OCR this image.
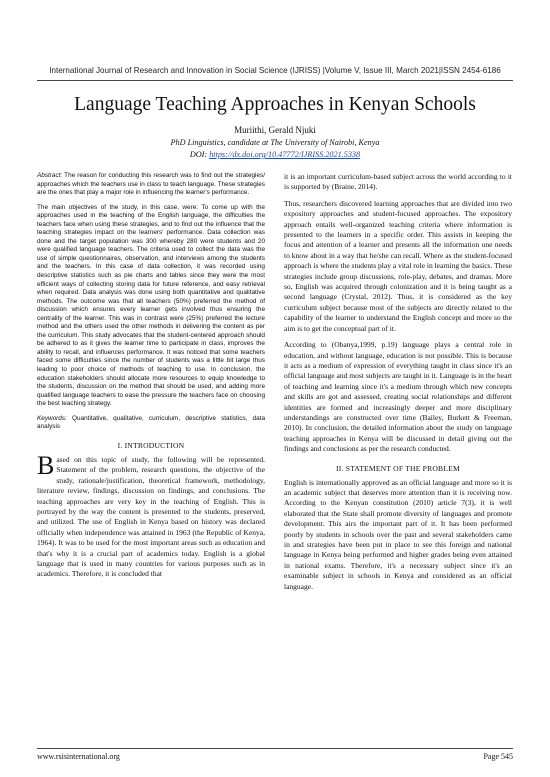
International Journal of Research and Innovation in Social Science (IJRISS) |Volume V, Issue III, March 2021|ISSN 2454-6186
Language Teaching Approaches in Kenyan Schools
Muriithi, Gerald Njuki
PhD Linguistics, candidate at The University of Nairobi, Kenya
DOI: https://dx.doi.org/10.47772/IJRISS.2021.5338

Abstract: The reason for conducting this research was to find out the strategies/ approaches which the teachers use in class to teach language. These strategies are the ones that play a major role in influencing the learner's performance.

The main objectives of the study, in this case, were: To come up with the approaches used in the teaching of the English language, the difficulties the teachers face when using these strategies, and to find out the influence that the teaching strategies impact on the learners' performance. Data collection was done and the target population was 300 whereby 280 were students and 20 were qualified language teachers. The criteria used to collect the data was the use of simple questionnaires, observation, and interviews among the students and the teachers. In this case of data collection, it was recorded using descriptive statistics such as pie charts and tables since they were the most efficient ways of collecting storing data for future reference, and easy retrieval when required. Data analysis was done using both quantitative and qualitative methods. The outcome was that all teachers (50%) preferred the method of discussion which ensures every learner gets involved thus ensuring the centrality of the learner. This was in contrast were (25%) preferred the lecture method and the others used the other methods in delivering the content as per the curriculum. This study advocates that the student-centered approach should be adhered to as it gives the learner time to participate in class, improves the ability to recall, and influences performance. It was noticed that some teachers faced some difficulties since the number of students was a little bit large thus leading to poor choice of methods of teaching to use. In conclusion, the education stakeholders should allocate more resources to equip knowledge to the students, discussion on the method that should be used, and adding more qualified language teachers to ease the pressure the teachers face on choosing the best teaching strategy.

Keywords: Quantitative, qualitative, curriculum, descriptive statistics, data analysis

I. INTRODUCTION

Based on this topic of study, the following will be represented. Statement of the problem, research questions, the objective of the study, rationale/justification, theoretical framework, methodology, literature review, findings, discussion on findings, and conclusions. The teaching approaches are very key in the teaching of English. This is portrayed by the way the content is presented to the students, preserved, and utilized. The use of English in Kenya based on history was declared officially when independence was attained in 1963 (the Republic of Kenya, 1964). It was to be used for the most important areas such as education and that's why it is a crucial part of academics today. English is a global language that is used in many countries for various purposes such as in academics. Therefore, it is concluded that

it is an important curriculum-based subject across the world according to it is supported by (Braine, 2014).

Thus, researchers discovered learning approaches that are divided into two expository approaches and student-focused approaches. The expository approach entails well-organized teaching criteria where information is presented to the learners in a specific order. This assists in keeping the focus and attention of a learner and presents all the information one needs to know about in a way that he/she can recall. Where as the student-focused approach is where the students play a vital role in learning the basics. These strategies include group discussions, role-play, debates, and dramas. More so, English was acquired through colonization and it is being taught as a second language (Crystal, 2012). Thus, it is considered as the key curriculum subject because most of the subjects are directly related to the capability of the learner to understand the English concept and more so the aim is to get the conceptual part of it.

According to (Obanya,1999, p.19) language plays a central role in education, and without language, education is not possible. This is because it acts as a medium of expression of everything taught in class since it's an official language and most subjects are taught in it. Language is in the heart of teaching and learning since it's a medium through which new concepts and skills are got and assessed, creating social relationships and different identities are formed and increasingly deeper and more disciplinary understandings are constructed over time (Bailey, Burkett & Freeman, 2010). In conclusion, the detailed information about the study on language teaching approaches in Kenya will be discussed in detail giving out the findings and conclusions as per the research conducted.

II. STATEMENT OF THE PROBLEM

English is internationally approved as an official language and more so it is an academic subject that deserves more attention than it is receiving now. According to the Kenyan constitution (2010) article 7(3), it is well elaborated that the State shall promote diversity of languages and promote development. This airs the important part of it. It has been performed poorly by students in schools over the past and several stakeholders came in and strategies have been put in place to see this foreign and national language in Kenya being performed and higher grades being even attained in national exams. Therefore, it's a necessary subject since it's an examinable subject in schools in Kenya and considered as an official language.

www.rsisinternational.org	Page 545
